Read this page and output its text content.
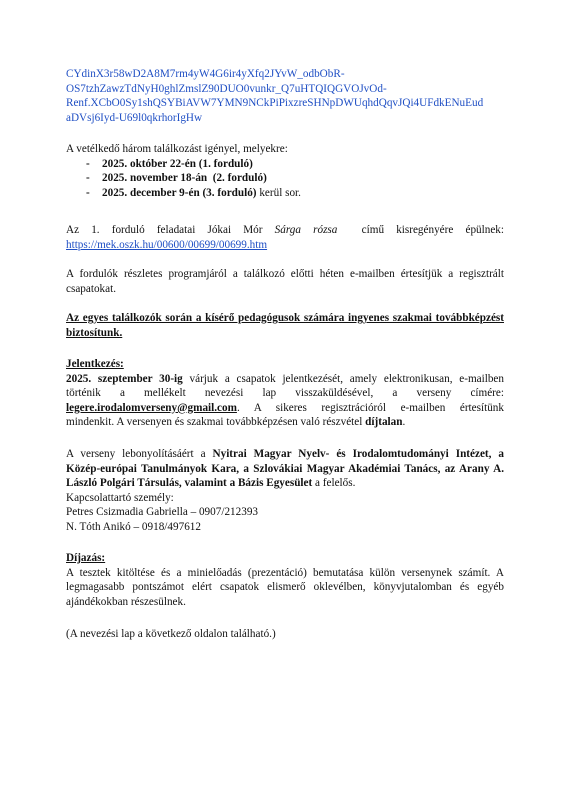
CYdinX3r58wD2A8M7rm4yW4G6ir4yXfq2JYvW_odbObR-
OS7tzhZawzTdNyH0ghlZmslZ90DUO0vunkr_Q7uHTQIQGVOJvOd-
Renf.XCbO0Sy1shQSYBiAVW7YMN9NCkPiPixzreSHNpDWUqhdQqvJQi4UFdkENuEud
aDVsj6Iyd-U69l0qkrhorIgHw
A vetélkedő három találkozást igényel, melyekre:
- 2025. október 22-én (1. forduló)
- 2025. november 18-án  (2. forduló)
- 2025. december 9-én (3. forduló) kerül sor.
Az 1. forduló feladatai Jókai Mór Sárga rózsa  című kisregényére épülnek:
https://mek.oszk.hu/00600/00699/00699.htm
A fordulók részletes programjáról a találkozó előtti héten e-mailben értesítjük a regisztrált
csapatokat.
Az egyes találkozók során a kísérő pedagógusok számára ingyenes szakmai továbbképzést
biztosítunk.
Jelentkezés:
2025. szeptember 30-ig várjuk a csapatok jelentkezését, amely elektronikusan, e-mailben
történik a mellékelt nevezési lap visszaküldésével, a verseny címére:
legere.irodalomverseny@gmail.com. A sikeres regisztrációról e-mailben értesítünk
mindenkit. A versenyen és szakmai továbbképzésen való részvétel díjtalan.
A verseny lebonyolításáért a Nyitrai Magyar Nyelv- és Irodalomtudományi Intézet, a
Közép-európai Tanulmányok Kara, a Szlovákiai Magyar Akadémiai Tanács, az Arany A.
László Polgári Társulás, valamint a Bázis Egyesület a felelős.
Kapcsolattartó személy:
Petres Csizmadia Gabriella – 0907/212393
N. Tóth Anikó – 0918/497612
Díjazás:
A tesztek kitöltése és a minielőadás (prezentáció) bemutatása külön versenynek számít. A
legmagasabb pontszámot elért csapatok elismerő oklevélben, könyvjutalomban és egyéb
ajándékokban részesülnek.
(A nevezési lap a következő oldalon található.)
